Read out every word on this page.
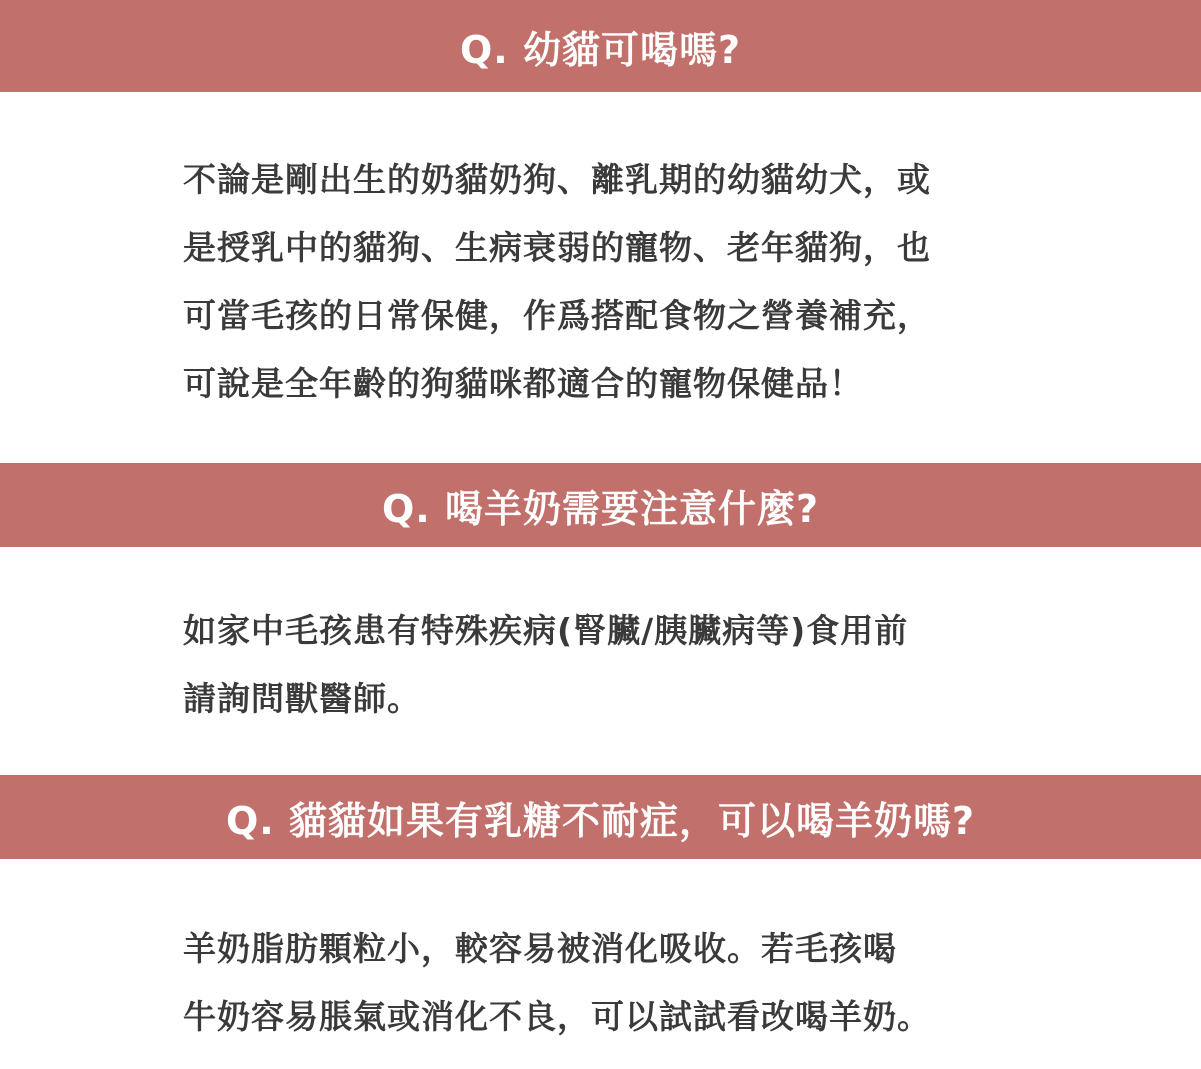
Q. 幼貓可喝嗎?
不論是剛出生的奶貓奶狗、離乳期的幼貓幼犬，或
是授乳中的貓狗、生病衰弱的寵物、老年貓狗，也
可當毛孩的日常保健，作爲搭配食物之營養補充，
可說是全年齡的狗貓咪都適合的寵物保健品！
Q. 喝羊奶需要注意什麼?
如家中毛孩患有特殊疾病(腎臟/胰臟病等)食用前
請詢問獸醫師。
Q. 貓貓如果有乳糖不耐症，可以喝羊奶嗎?
羊奶脂肪顆粒小，較容易被消化吸收。若毛孩喝
牛奶容易脹氣或消化不良，可以試試看改喝羊奶。
